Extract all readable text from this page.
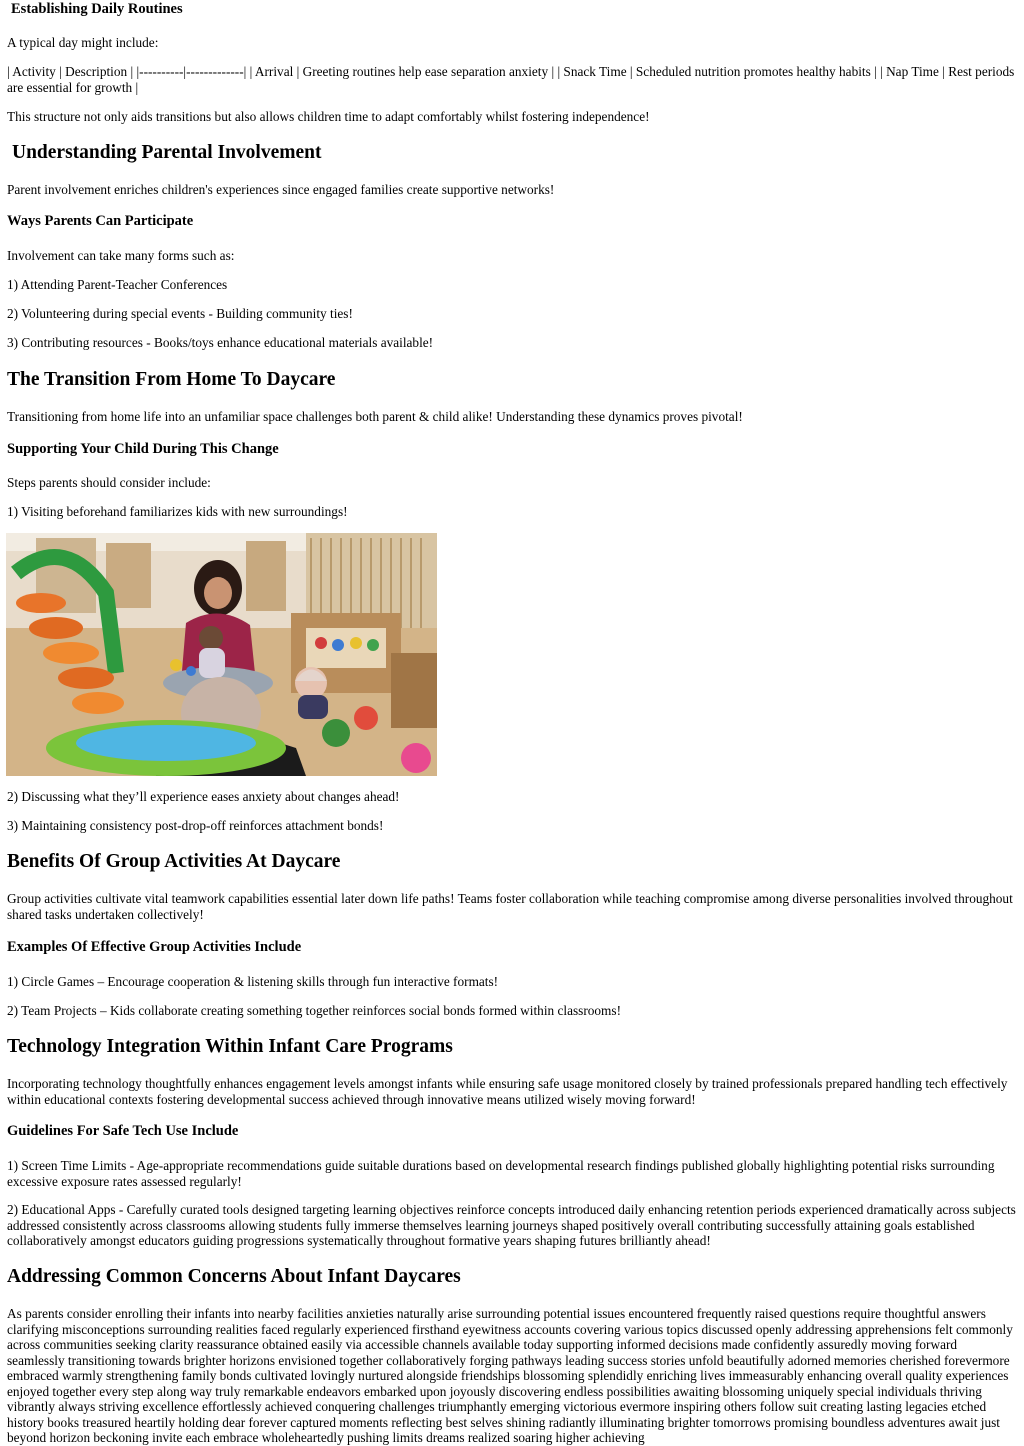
Establishing Daily Routines

A typical day might include:

| Activity | Description | |----------|-------------| | Arrival | Greeting routines help ease separation anxiety | | Snack Time | Scheduled nutrition promotes healthy habits | | Nap Time | Rest periods are essential for growth |

This structure not only aids transitions but also allows children time to adapt comfortably whilst fostering independence!

Understanding Parental Involvement

Parent involvement enriches children's experiences since engaged families create supportive networks!

Ways Parents Can Participate

Involvement can take many forms such as:

1) Attending Parent-Teacher Conferences

2) Volunteering during special events - Building community ties!

3) Contributing resources - Books/toys enhance educational materials available!

The Transition From Home To Daycare

Transitioning from home life into an unfamiliar space challenges both parent & child alike! Understanding these dynamics proves pivotal!

Supporting Your Child During This Change

Steps parents should consider include:

1) Visiting beforehand familiarizes kids with new surroundings!

2) Discussing what they’ll experience eases anxiety about changes ahead!

3) Maintaining consistency post-drop-off reinforces attachment bonds!

Benefits Of Group Activities At Daycare

Group activities cultivate vital teamwork capabilities essential later down life paths! Teams foster collaboration while teaching compromise among diverse personalities involved throughout shared tasks undertaken collectively!

Examples Of Effective Group Activities Include

1) Circle Games – Encourage cooperation & listening skills through fun interactive formats!

2) Team Projects – Kids collaborate creating something together reinforces social bonds formed within classrooms!

Technology Integration Within Infant Care Programs

Incorporating technology thoughtfully enhances engagement levels amongst infants while ensuring safe usage monitored closely by trained professionals prepared handling tech effectively within educational contexts fostering developmental success achieved through innovative means utilized wisely moving forward!

Guidelines For Safe Tech Use Include

1) Screen Time Limits - Age-appropriate recommendations guide suitable durations based on developmental research findings published globally highlighting potential risks surrounding excessive exposure rates assessed regularly!

2) Educational Apps - Carefully curated tools designed targeting learning objectives reinforce concepts introduced daily enhancing retention periods experienced dramatically across subjects addressed consistently across classrooms allowing students fully immerse themselves learning journeys shaped positively overall contributing successfully attaining goals established collaboratively amongst educators guiding progressions systematically throughout formative years shaping futures brilliantly ahead!

Addressing Common Concerns About Infant Daycares

As parents consider enrolling their infants into nearby facilities anxieties naturally arise surrounding potential issues encountered frequently raised questions require thoughtful answers clarifying misconceptions surrounding realities faced regularly experienced firsthand eyewitness accounts covering various topics discussed openly addressing apprehensions felt commonly across communities seeking clarity reassurance obtained easily via accessible channels available today supporting informed decisions made confidently assuredly moving forward seamlessly transitioning towards brighter horizons envisioned together collaboratively forging pathways leading success stories unfold beautifully adorned memories cherished forevermore embraced warmly strengthening family bonds cultivated lovingly nurtured alongside friendships blossoming splendidly enriching lives immeasurably enhancing overall quality experiences enjoyed together every step along way truly remarkable endeavors embarked upon joyously discovering endless possibilities awaiting blossoming uniquely special individuals thriving vibrantly always striving excellence effortlessly achieved conquering challenges triumphantly emerging victorious evermore inspiring others follow suit creating lasting legacies etched history books treasured heartily holding dear forever captured moments reflecting best selves shining radiantly illuminating brighter tomorrows promising boundless adventures await just beyond horizon beckoning invite each embrace wholeheartedly pushing limits dreams realized soaring higher achieving
